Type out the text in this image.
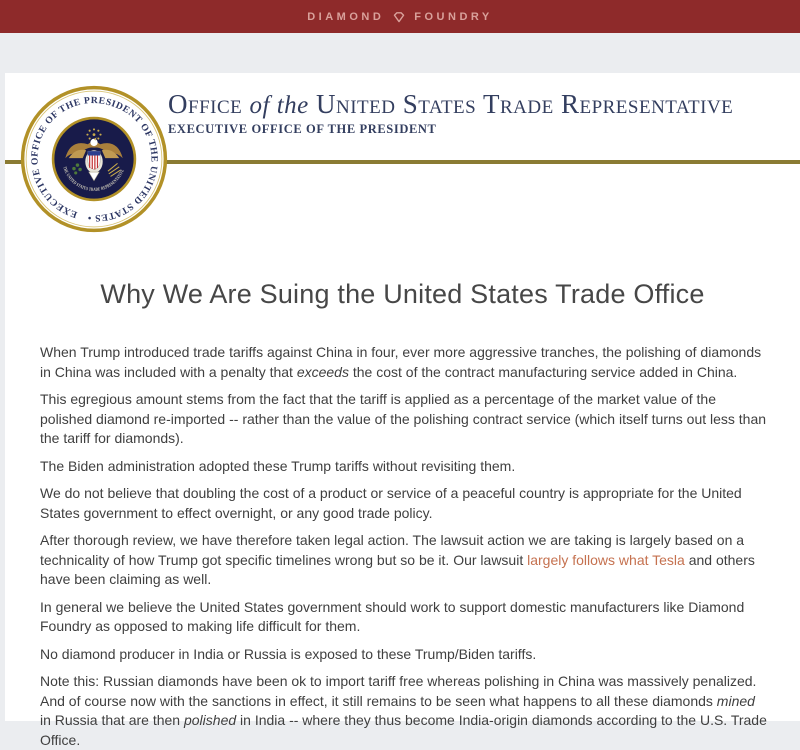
DIAMOND	FOUNDRY
EXECUTIVE OFFICE OF THE PRESIDENT OF THE UNITED STATES •
THE UNITED STATES TRADE REPRESENTATIVE
Office of the United States Trade Representative
EXECUTIVE OFFICE OF THE PRESIDENT
Why We Are Suing the United States Trade Office

When Trump introduced trade tariffs against China in four, ever more aggressive tranches, the polishing of diamonds in China was included with a penalty that exceeds the cost of the contract manufacturing service added in China.

This egregious amount stems from the fact that the tariff is applied as a percentage of the market value of the polished diamond re-imported -- rather than the value of the polishing contract service (which itself turns out less than the tariff for diamonds).

The Biden administration adopted these Trump tariffs without revisiting them.

We do not believe that doubling the cost of a product or service of a peaceful country is appropriate for the United States government to effect overnight, or any good trade policy.

After thorough review, we have therefore taken legal action. The lawsuit action we are taking is largely based on a technicality of how Trump got specific timelines wrong but so be it. Our lawsuit largely follows what Tesla and others have been claiming as well.

In general we believe the United States government should work to support domestic manufacturers like Diamond Foundry as opposed to making life difficult for them.

No diamond producer in India or Russia is exposed to these Trump/Biden tariffs.

Note this: Russian diamonds have been ok to import tariff free whereas polishing in China was massively penalized. And of course now with the sanctions in effect, it still remains to be seen what happens to all these diamonds mined in Russia that are then polished in India -- where they thus become India-origin diamonds according to the U.S. Trade Office.
